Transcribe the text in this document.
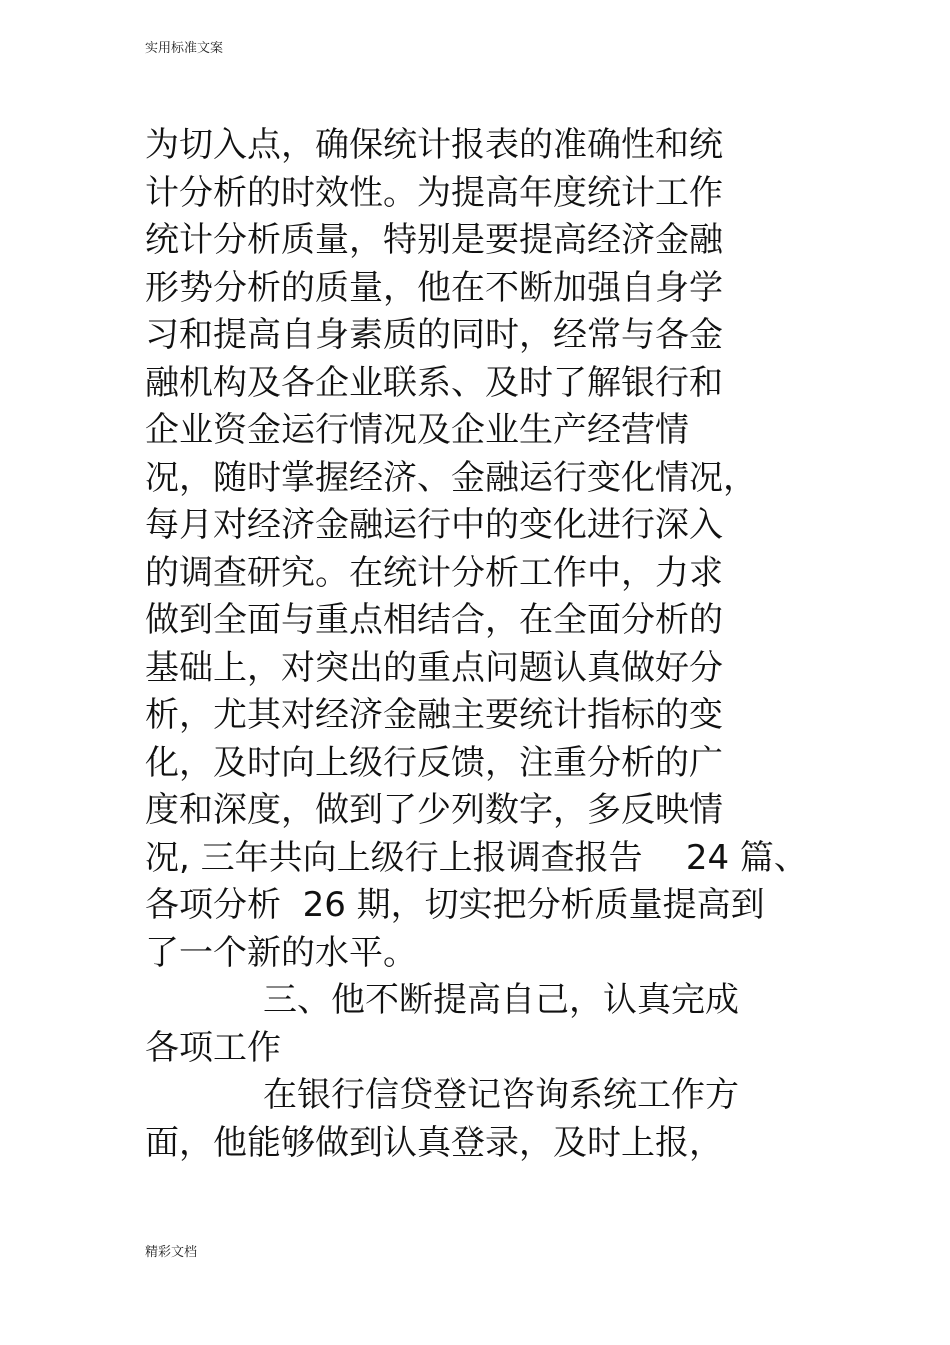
实用标准文案
为切入点，确保统计报表的准确性和统
计分析的时效性。为提高年度统计工作
统计分析质量，特别是要提高经济金融
形势分析的质量，他在不断加强自身学
习和提高自身素质的同时，经常与各金
融机构及各企业联系、及时了解银行和
企业资金运行情况及企业生产经营情
况，随时掌握经济、金融运行变化情况，
每月对经济金融运行中的变化进行深入
的调查研究。在统计分析工作中，力求
做到全面与重点相结合，在全面分析的
基础上，对突出的重点问题认真做好分
析，尤其对经济金融主要统计指标的变
化，及时向上级行反馈，注重分析的广
度和深度，做到了少列数字，多反映情
况, 三年共向上级行上报调查报告    24 篇、
各项分析  26 期，切实把分析质量提高到
了一个新的水平。
三、他不断提高自己，认真完成
各项工作
在银行信贷登记咨询系统工作方
面，他能够做到认真登录，及时上报，
精彩文档
